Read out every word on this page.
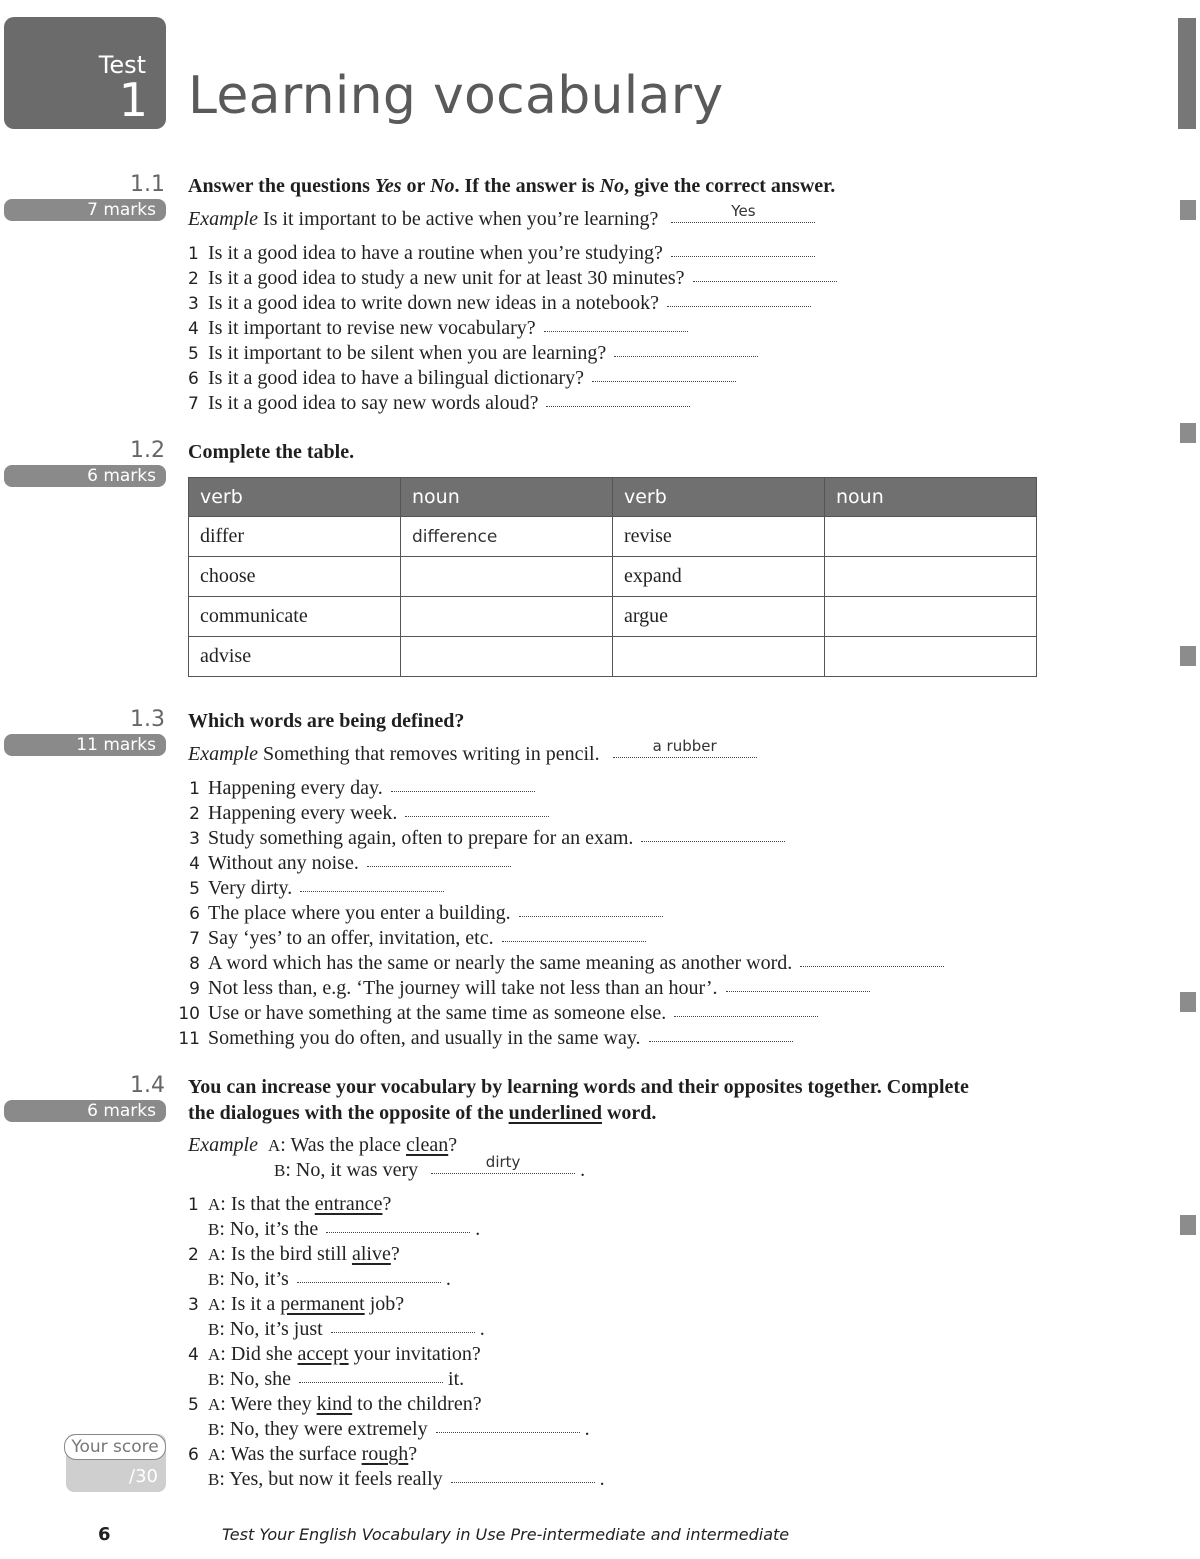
Test
1 Learning vocabulary
1.1
7 marks
Answer the questions Yes or No. If the answer is No, give the correct answer.
Example Is it important to be active when you’re learning?	Yes
1 Is it a good idea to have a routine when you’re studying?
2 Is it a good idea to study a new unit for at least 30 minutes?
3 Is it a good idea to write down new ideas in a notebook?
4 Is it important to revise new vocabulary?
5 Is it important to be silent when you are learning?
6 Is it a good idea to have a bilingual dictionary?
7 Is it a good idea to say new words aloud?
1.2
6 marks
Complete the table.
verb	noun	verb	noun
differ	difference	revise	
choose		expand	
communicate		argue	
advise			
1.3
11 marks
Which words are being defined?
Example Something that removes writing in pencil.	a rubber
1 Happening every day.
2 Happening every week.
3 Study something again, often to prepare for an exam.
4 Without any noise.
5 Very dirty.
6 The place where you enter a building.
7 Say ‘yes’ to an offer, invitation, etc.
8 A word which has the same or nearly the same meaning as another word.
9 Not less than, e.g. ‘The journey will take not less than an hour’.
10 Use or have something at the same time as someone else.
11 Something you do often, and usually in the same way.
1.4
6 marks
You can increase your vocabulary by learning words and their opposites together. Complete
the dialogues with the opposite of the underlined word.
Example A: Was the place clean?
B: No, it was very	dirty	.
1 A: Is that the entrance?
B: No, it’s the	.
2 A: Is the bird still alive?
B: No, it’s	.
3 A: Is it a permanent job?
B: No, it’s just	.
4 A: Did she accept your invitation?
B: No, she	it.
5 A: Were they kind to the children?
B: No, they were extremely	.
6 A: Was the surface rough?
B: Yes, but now it feels really	.
Your score
/30
6	Test Your English Vocabulary in Use Pre-intermediate and intermediate
